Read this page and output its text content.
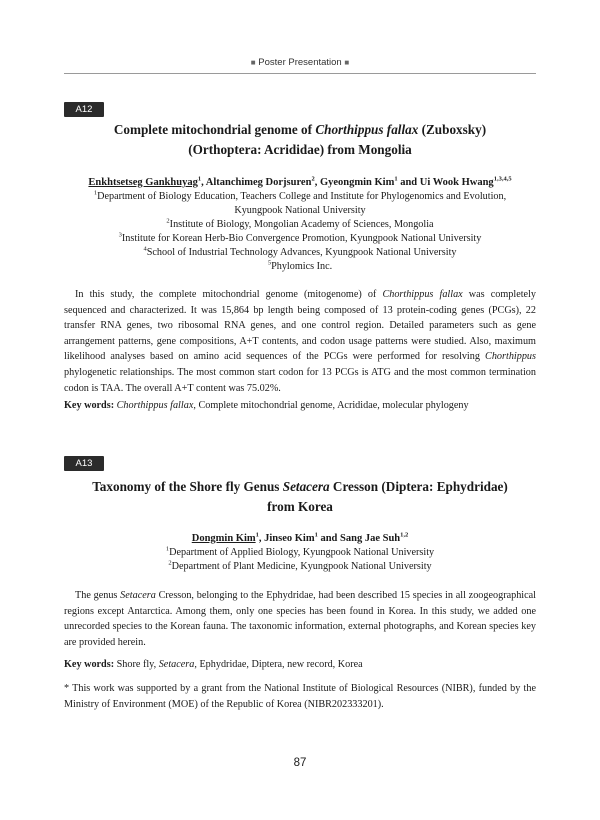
■ Poster Presentation ■
A12
Complete mitochondrial genome of Chorthippus fallax (Zuboxsky)
(Orthoptera: Acrididae) from Mongolia
Enkhtsetseg Gankhuyag$^1$, Altanchimeg Dorjsuren$^2$, Gyeongmin Kim$^1$ and Ui Wook Hwang$^{1,3,4,5}$
$^1$Department of Biology Education, Teachers College and Institute for Phylogenomics and Evolution,
Kyungpook National University
$^2$Institute of Biology, Mongolian Academy of Sciences, Mongolia
$^3$Institute for Korean Herb-Bio Convergence Promotion, Kyungpook National University
$^4$School of Industrial Technology Advances, Kyungpook National University
$^5$Phylomics Inc.

In this study, the complete mitochondrial genome (mitogenome) of Chorthippus fallax was completely sequenced and characterized. It was 15,864 bp length being composed of 13 protein-coding genes (PCGs), 22 transfer RNA genes, two ribosomal RNA genes, and one control region. Detailed parameters such as gene arrangement patterns, gene compositions, A+T contents, and codon usage patterns were studied. Also, maximum likelihood analyses based on amino acid sequences of the PCGs were performed for resolving Chorthippus phylogenetic relationships. The most common start codon for 13 PCGs is ATG and the most common termination codon is TAA. The overall A+T content was 75.02%.

Key words: Chorthippus fallax, Complete mitochondrial genome, Acrididae, molecular phylogeny
A13
Taxonomy of the Shore fly Genus Setacera Cresson (Diptera: Ephydridae)
from Korea
Dongmin Kim$^1$, Jinseo Kim$^1$ and Sang Jae Suh$^{1,2}$
$^1$Department of Applied Biology, Kyungpook National University
$^2$Department of Plant Medicine, Kyungpook National University

The genus Setacera Cresson, belonging to the Ephydridae, had been described 15 species in all zoogeographical regions except Antarctica. Among them, only one species has been found in Korea. In this study, we added one unrecorded species to the Korean fauna. The taxonomic information, external photographs, and Korean species key are provided herein.

Key words: Shore fly, Setacera, Ephydridae, Diptera, new record, Korea
* This work was supported by a grant from the National Institute of Biological Resources (NIBR), funded by the Ministry of Environment (MOE) of the Republic of Korea (NIBR202333201).
87
